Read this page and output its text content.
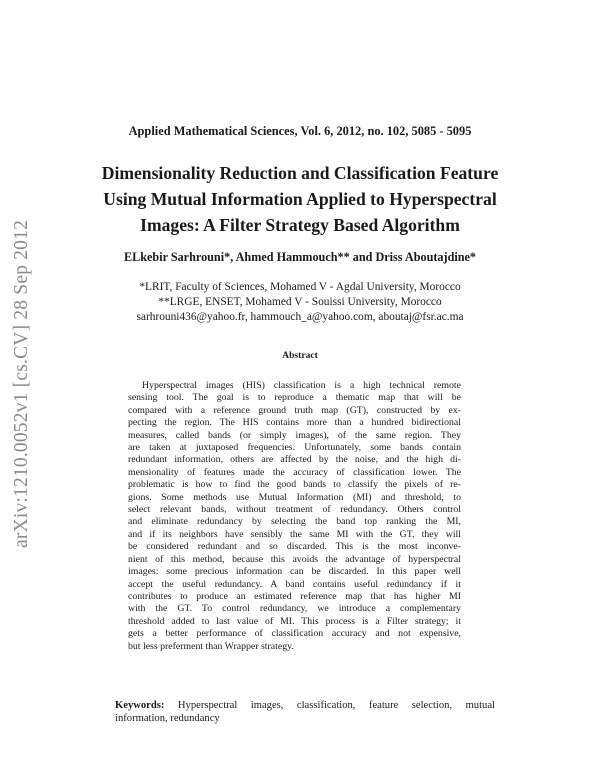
arXiv:1210.0052v1 [cs.CV] 28 Sep 2012
Applied Mathematical Sciences, Vol. 6, 2012, no. 102, 5085 - 5095
Dimensionality Reduction and Classification Feature
Using Mutual Information Applied to Hyperspectral
Images: A Filter Strategy Based Algorithm
ELkebir Sarhrouni*, Ahmed Hammouch** and Driss Aboutajdine*
*LRIT, Faculty of Sciences, Mohamed V - Agdal University, Morocco
**LRGE, ENSET, Mohamed V - Souissi University, Morocco
sarhrouni436@yahoo.fr, hammouch_a@yahoo.com, aboutaj@fsr.ac.ma
Abstract
Hyperspectral images (HIS) classification is a high technical remote
sensing tool. The goal is to reproduce a thematic map that will be
compared with a reference ground truth map (GT), constructed by ex-
pecting the region. The HIS contains more than a hundred bidirectional
measures, called bands (or simply images), of the same region. They
are taken at juxtaposed frequencies. Unfortunately, some bands contain
redundant information, others are affected by the noise, and the high di-
mensionality of features made the accuracy of classification lower. The
problematic is how to find the good bands to classify the pixels of re-
gions. Some methods use Mutual Information (MI) and threshold, to
select relevant bands, without treatment of redundancy. Others control
and eliminate redundancy by selecting the band top ranking the MI,
and if its neighbors have sensibly the same MI with the GT, they will
be considered redundant and so discarded. This is the most inconve-
nient of this method, because this avoids the advantage of hyperspectral
images: some precious information can be discarded. In this paper well
accept the useful redundancy. A band contains useful redundancy if it
contributes to produce an estimated reference map that has higher MI
with the GT. To control redundancy, we introduce a complementary
threshold added to last value of MI. This process is a Filter strategy; it
gets a better performance of classification accuracy and not expensive,
but less preferment than Wrapper strategy.
Keywords: Hyperspectral images, classification, feature selection, mutual
information, redundancy
